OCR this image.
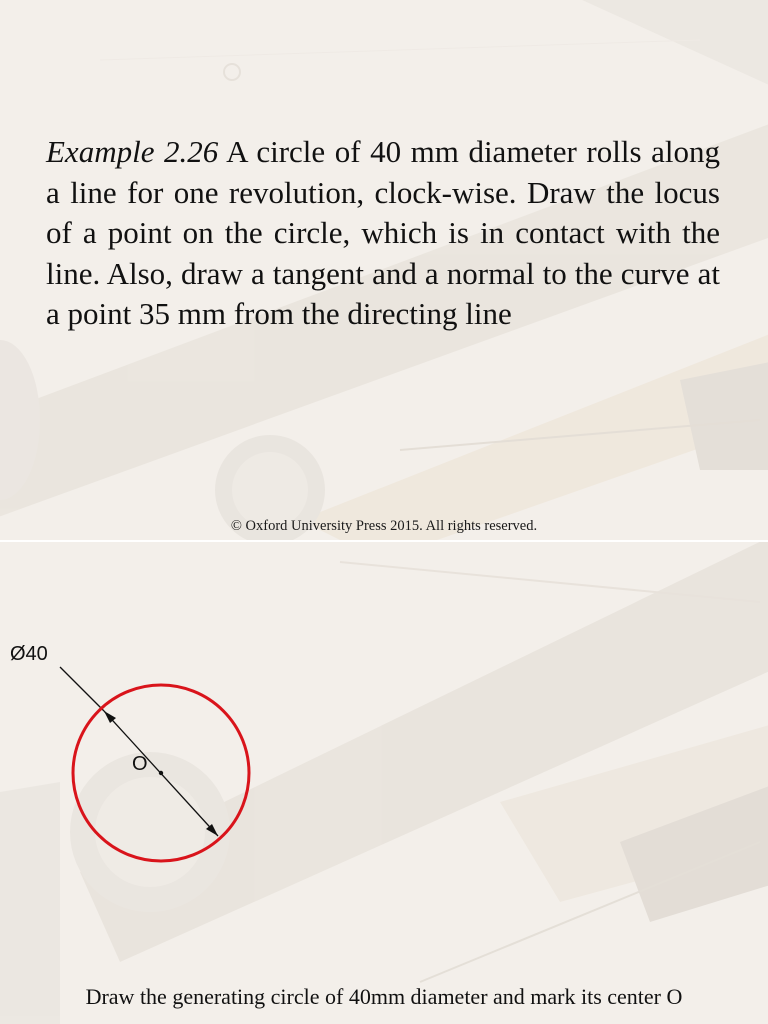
Example 2.26 A circle of 40 mm diameter rolls along a line for one revolution, clock-wise. Draw the locus of a point on the circle, which is in contact with the line. Also, draw a tangent and a normal to the curve at a point 35 mm from the directing line
© Oxford University Press 2015. All rights reserved.
Ø40
O
Draw the generating circle of 40mm diameter and mark its center O
